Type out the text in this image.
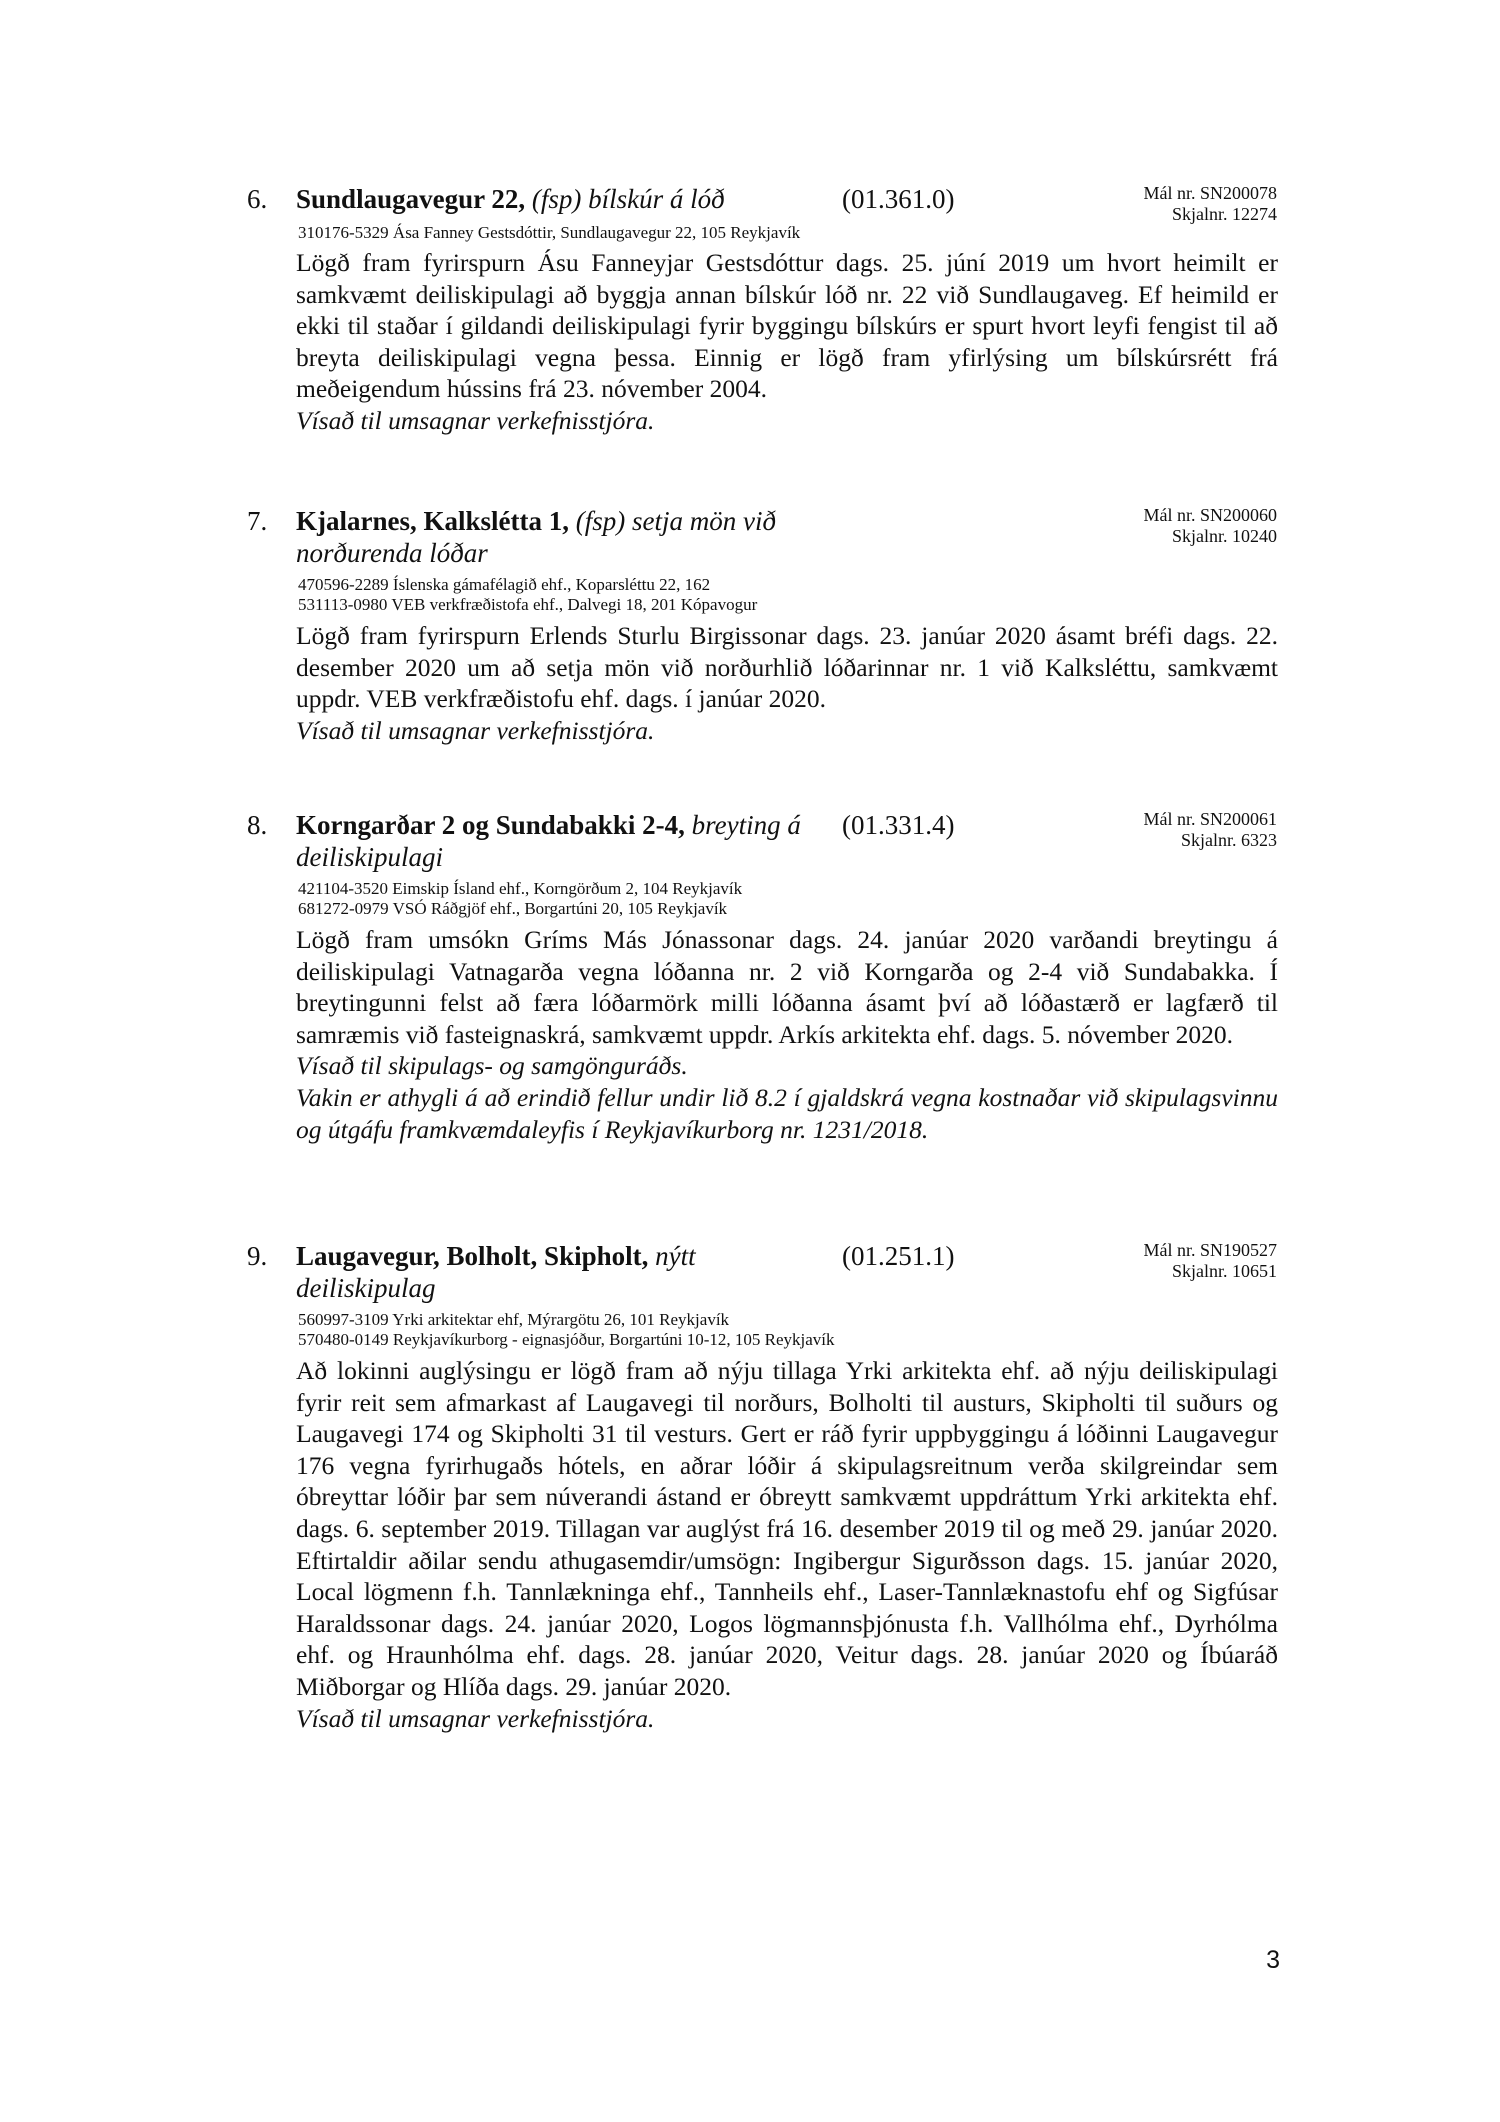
6. Sundlaugavegur 22, (fsp) bílskúr á lóð	(01.361.0)	Mál nr. SN200078
Skjalnr. 12274
310176-5329 Ása Fanney Gestsdóttir, Sundlaugavegur 22, 105 Reykjavík

Lögð fram fyrirspurn Ásu Fanneyjar Gestsdóttur dags. 25. júní 2019 um hvort heimilt er samkvæmt deiliskipulagi að byggja annan bílskúr lóð nr. 22 við Sundlaugaveg. Ef heimild er ekki til staðar í gildandi deiliskipulagi fyrir byggingu bílskúrs er spurt hvort leyfi fengist til að breyta deiliskipulagi vegna þessa. Einnig er lögð fram yfirlýsing um bílskúrsrétt frá meðeigendum hússins frá 23. nóvember 2004.

Vísað til umsagnar verkefnisstjóra.

7. Kjalarnes, Kalkslétta 1, (fsp) setja mön við norðurenda lóðar
Mál nr. SN200060
Skjalnr. 10240
470596-2289 Íslenska gámafélagið ehf., Koparsléttu 22, 162
531113-0980 VEB verkfræðistofa ehf., Dalvegi 18, 201 Kópavogur

Lögð fram fyrirspurn Erlends Sturlu Birgissonar dags. 23. janúar 2020 ásamt bréfi dags. 22. desember 2020 um að setja mön við norðurhlið lóðarinnar nr. 1 við Kalksléttu, samkvæmt uppdr. VEB verkfræðistofu ehf. dags. í janúar 2020.

Vísað til umsagnar verkefnisstjóra.

8. Korngarðar 2 og Sundabakki 2-4, breyting á deiliskipulagi
(01.331.4)	Mál nr. SN200061
Skjalnr. 6323
421104-3520 Eimskip Ísland ehf., Korngörðum 2, 104 Reykjavík
681272-0979 VSÓ Ráðgjöf ehf., Borgartúni 20, 105 Reykjavík

Lögð fram umsókn Gríms Más Jónassonar dags. 24. janúar 2020 varðandi breytingu á deiliskipulagi Vatnagarða vegna lóðanna nr. 2 við Korngarða og 2-4 við Sundabakka. Í breytingunni felst að færa lóðarmörk milli lóðanna ásamt því að lóðastærð er lagfærð til samræmis við fasteignaskrá, samkvæmt uppdr. Arkís arkitekta ehf. dags. 5. nóvember 2020.

Vísað til skipulags- og samgönguráðs.

Vakin er athygli á að erindið fellur undir lið 8.2 í gjaldskrá vegna kostnaðar við skipulagsvinnu og útgáfu framkvæmdaleyfis í Reykjavíkurborg nr. 1231/2018.

9. Laugavegur, Bolholt, Skipholt, nýtt deiliskipulag
(01.251.1)	Mál nr. SN190527
Skjalnr. 10651
560997-3109 Yrki arkitektar ehf, Mýrargötu 26, 101 Reykjavík
570480-0149 Reykjavíkurborg - eignasjóður, Borgartúni 10-12, 105 Reykjavík

Að lokinni auglýsingu er lögð fram að nýju tillaga Yrki arkitekta ehf. að nýju deiliskipulagi fyrir reit sem afmarkast af Laugavegi til norðurs, Bolholti til austurs, Skipholti til suðurs og Laugavegi 174 og Skipholti 31 til vesturs. Gert er ráð fyrir uppbyggingu á lóðinni Laugavegur 176 vegna fyrirhugaðs hótels, en aðrar lóðir á skipulagsreitnum verða skilgreindar sem óbreyttar lóðir þar sem núverandi ástand er óbreytt samkvæmt uppdráttum Yrki arkitekta ehf. dags. 6. september 2019. Tillagan var auglýst frá 16. desember 2019 til og með 29. janúar 2020. Eftirtaldir aðilar sendu athugasemdir/umsögn: Ingibergur Sigurðsson dags. 15. janúar 2020, Local lögmenn f.h. Tannlækninga ehf., Tannheils ehf., Laser-Tannlæknastofu ehf og Sigfúsar Haraldssonar dags. 24. janúar 2020, Logos lögmannsþjónusta f.h. Vallhólma ehf., Dyrhólma ehf. og Hraunhólma ehf. dags. 28. janúar 2020, Veitur dags. 28. janúar 2020 og Íbúaráð Miðborgar og Hlíða dags. 29. janúar 2020.

Vísað til umsagnar verkefnisstjóra.

3
